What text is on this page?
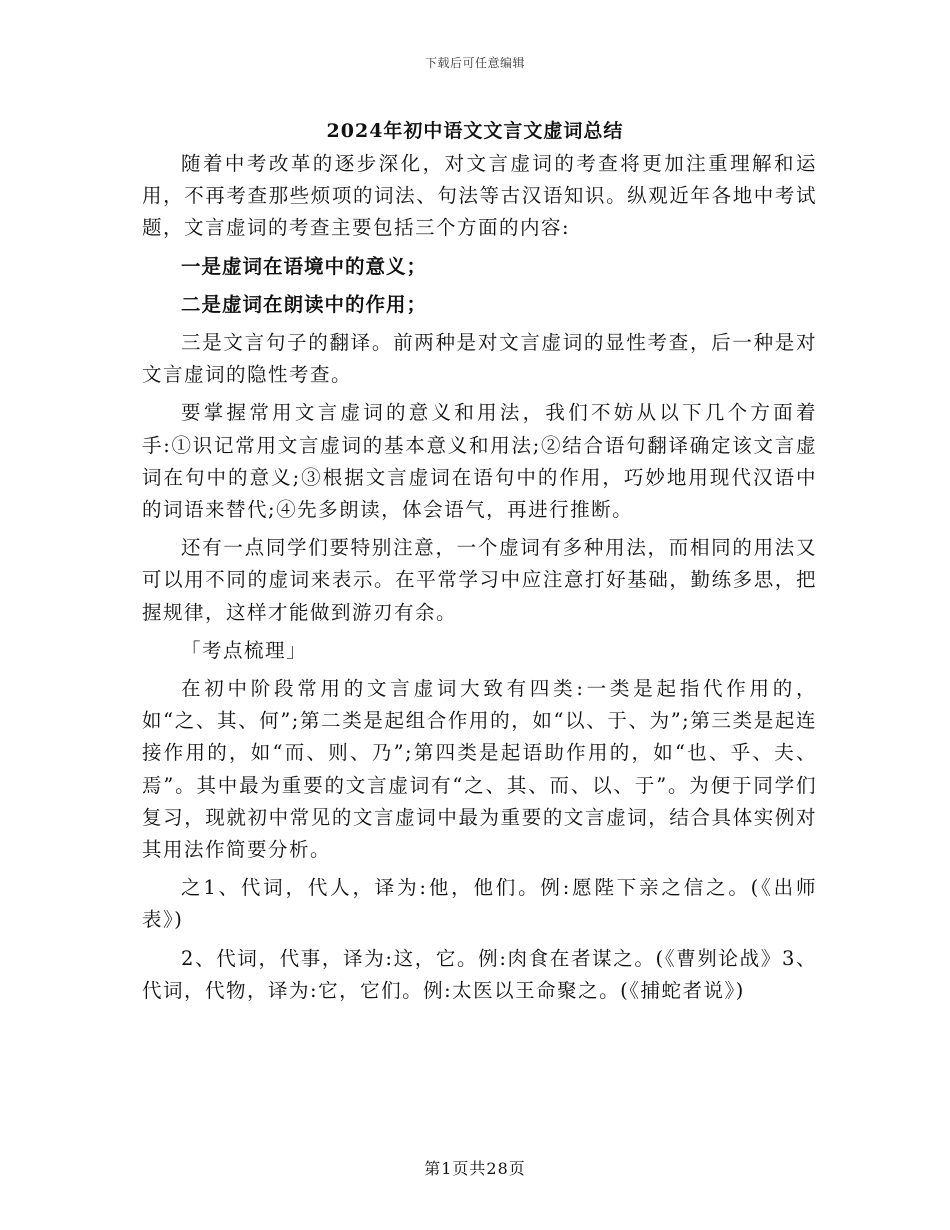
下载后可任意编辑
2024年初中语文文言文虚词总结

随着中考改革的逐步深化，对文言虚词的考查将更加注重理解和运用，不再考查那些烦项的词法、句法等古汉语知识。纵观近年各地中考试题，文言虚词的考查主要包括三个方面的内容:

一是虚词在语境中的意义；

二是虚词在朗读中的作用；

三是文言句子的翻译。前两种是对文言虚词的显性考查，后一种是对文言虚词的隐性考查。

要掌握常用文言虚词的意义和用法，我们不妨从以下几个方面着手:①识记常用文言虚词的基本意义和用法;②结合语句翻译确定该文言虚词在句中的意义;③根据文言虚词在语句中的作用，巧妙地用现代汉语中的词语来替代;④先多朗读，体会语气，再进行推断。

还有一点同学们要特别注意，一个虚词有多种用法，而相同的用法又可以用不同的虚词来表示。在平常学习中应注意打好基础，勤练多思，把握规律，这样才能做到游刃有余。

「考点梳理」

在初中阶段常用的文言虚词大致有四类:一类是起指代作用的，如“之、其、何”;第二类是起组合作用的，如“以、于、为”;第三类是起连接作用的，如“而、则、乃”;第四类是起语助作用的，如“也、乎、夫、焉”。其中最为重要的文言虚词有“之、其、而、以、于”。为便于同学们复习，现就初中常见的文言虚词中最为重要的文言虚词，结合具体实例对其用法作简要分析。

之1、代词，代人，译为:他，他们。例:愿陛下亲之信之。(《出师表》)

2、代词，代事，译为:这，它。例:肉食在者谋之。(《曹刿论战》3、代词，代物，译为:它，它们。例:太医以王命聚之。(《捕蛇者说》)

第1页共28页
